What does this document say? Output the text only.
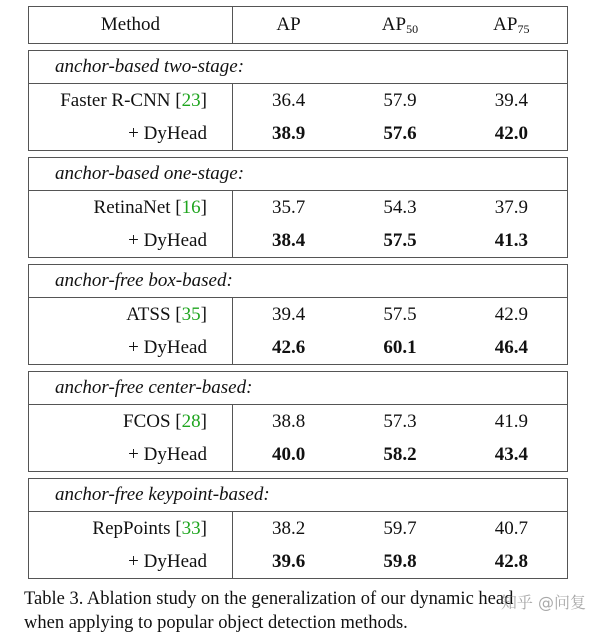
Method	AP	$AP_{50}$	$AP_{75}$
anchor-based two-stage:
Faster R-CNN [ 23 ]	36.4	57.9	39.4
+ DyHead	38.9	57.6	42.0
anchor-based one-stage:
RetinaNet [ 16 ]	35.7	54.3	37.9
+ DyHead	38.4	57.5	41.3
anchor-free box-based:
ATSS [ 35 ]	39.4	57.5	42.9
+ DyHead	42.6	60.1	46.4
anchor-free center-based:
FCOS [ 28 ]	38.8	57.3	41.9
+ DyHead	40.0	58.2	43.4
anchor-free keypoint-based:
RepPoints [ 33 ]	38.2	59.7	40.7
+ DyHead	39.6	59.8	42.8
Table 3. Ablation study on the generalization of our dynamic head
when applying to popular object detection methods.
知乎 @问复
